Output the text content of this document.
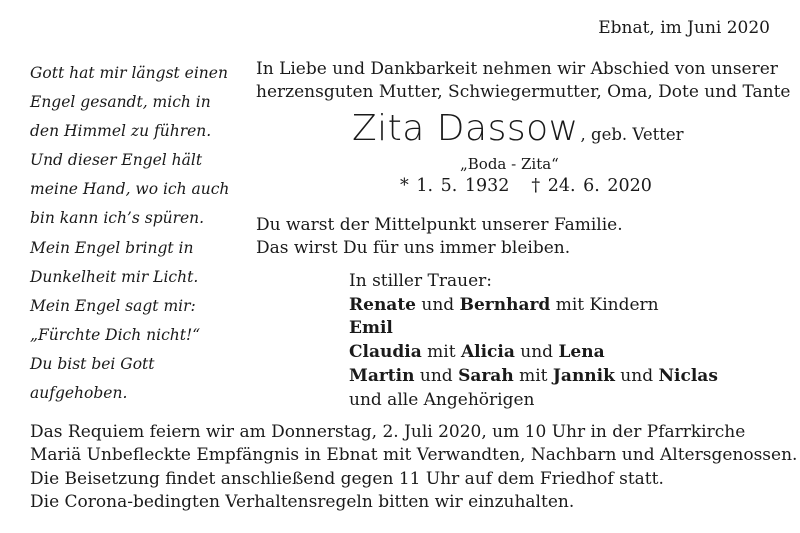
Ebnat, im Juni 2020
Gott hat mir längst einen
Engel gesandt, mich in
den Himmel zu führen.
Und dieser Engel hält
meine Hand, wo ich auch
bin kann ich’s spüren.
Mein Engel bringt in
Dunkelheit mir Licht.
Mein Engel sagt mir:
„Fürchte Dich nicht!“
Du bist bei Gott
aufgehoben.
In Liebe und Dankbarkeit nehmen wir Abschied von unserer
herzensguten Mutter, Schwiegermutter, Oma, Dote und Tante
Zita Dassow , geb. Vetter
„Boda - Zita“
* 1. 5. 1932 † 24. 6. 2020
Du warst der Mittelpunkt unserer Familie.
Das wirst Du für uns immer bleiben.
In stiller Trauer:
Renate und Bernhard mit Kindern
Emil
Claudia mit Alicia und Lena
Martin und Sarah mit Jannik und Niclas
und alle Angehörigen
Das Requiem feiern wir am Donnerstag, 2. Juli 2020, um 10 Uhr in der Pfarrkirche
Mariä Unbefleckte Empfängnis in Ebnat mit Verwandten, Nachbarn und Altersgenossen.
Die Beisetzung findet anschließend gegen 11 Uhr auf dem Friedhof statt.
Die Corona-bedingten Verhaltensregeln bitten wir einzuhalten.
